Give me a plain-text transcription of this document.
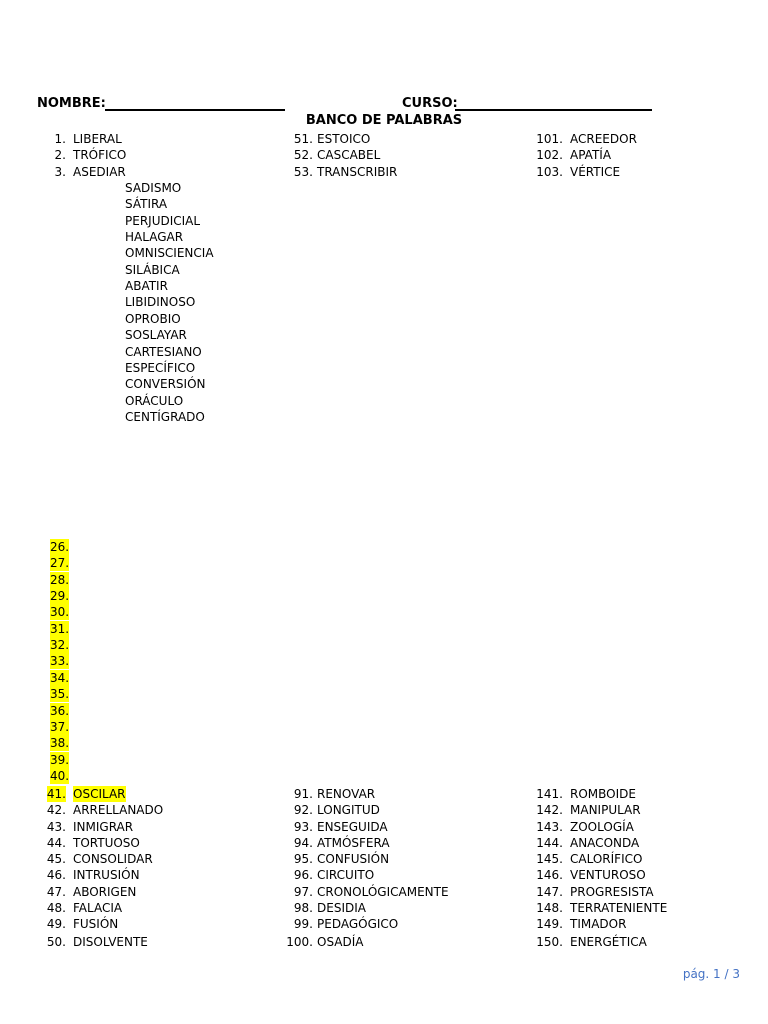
NOMBRE:	CURSO:
BANCO DE PALABRAS
1. LIBERAL	51. ESTOICO	101. ACREEDOR
2. TRÓFICO	52. CASCABEL	102. APATÍA
3. ASEDIAR	53. TRANSCRIBIR	103. VÉRTICE
SADISMO
SÁTIRA
PERJUDICIAL
HALAGAR
OMNISCIENCIA
SILÁBICA
ABATIR
LIBIDINOSO
OPROBIO
SOSLAYAR
CARTESIANO
ESPECÍFICO
CONVERSIÓN
ORÁCULO
CENTÍGRADO
26.
27.
28.
29.
30.
31.
32.
33.
34.
35.
36.
37.
38.
39.
40.
41. OSCILAR	91. RENOVAR	141. ROMBOIDE
42. ARRELLANADO	92. LONGITUD	142. MANIPULAR
43. INMIGRAR	93. ENSEGUIDA	143. ZOOLOGÍA
44. TORTUOSO	94. ATMÓSFERA	144. ANACONDA
45. CONSOLIDAR	95. CONFUSIÓN	145. CALORÍFICO
46. INTRUSIÓN	96. CIRCUITO	146. VENTUROSO
47. ABORIGEN	97. CRONOLÓGICAMENTE	147. PROGRESISTA
48. FALACIA	98. DESIDIA	148. TERRATENIENTE
49. FUSIÓN	99. PEDAGÓGICO	149. TIMADOR
50. DISOLVENTE	100. OSADÍA	150. ENERGÉTICA
pág. 1 / 3
